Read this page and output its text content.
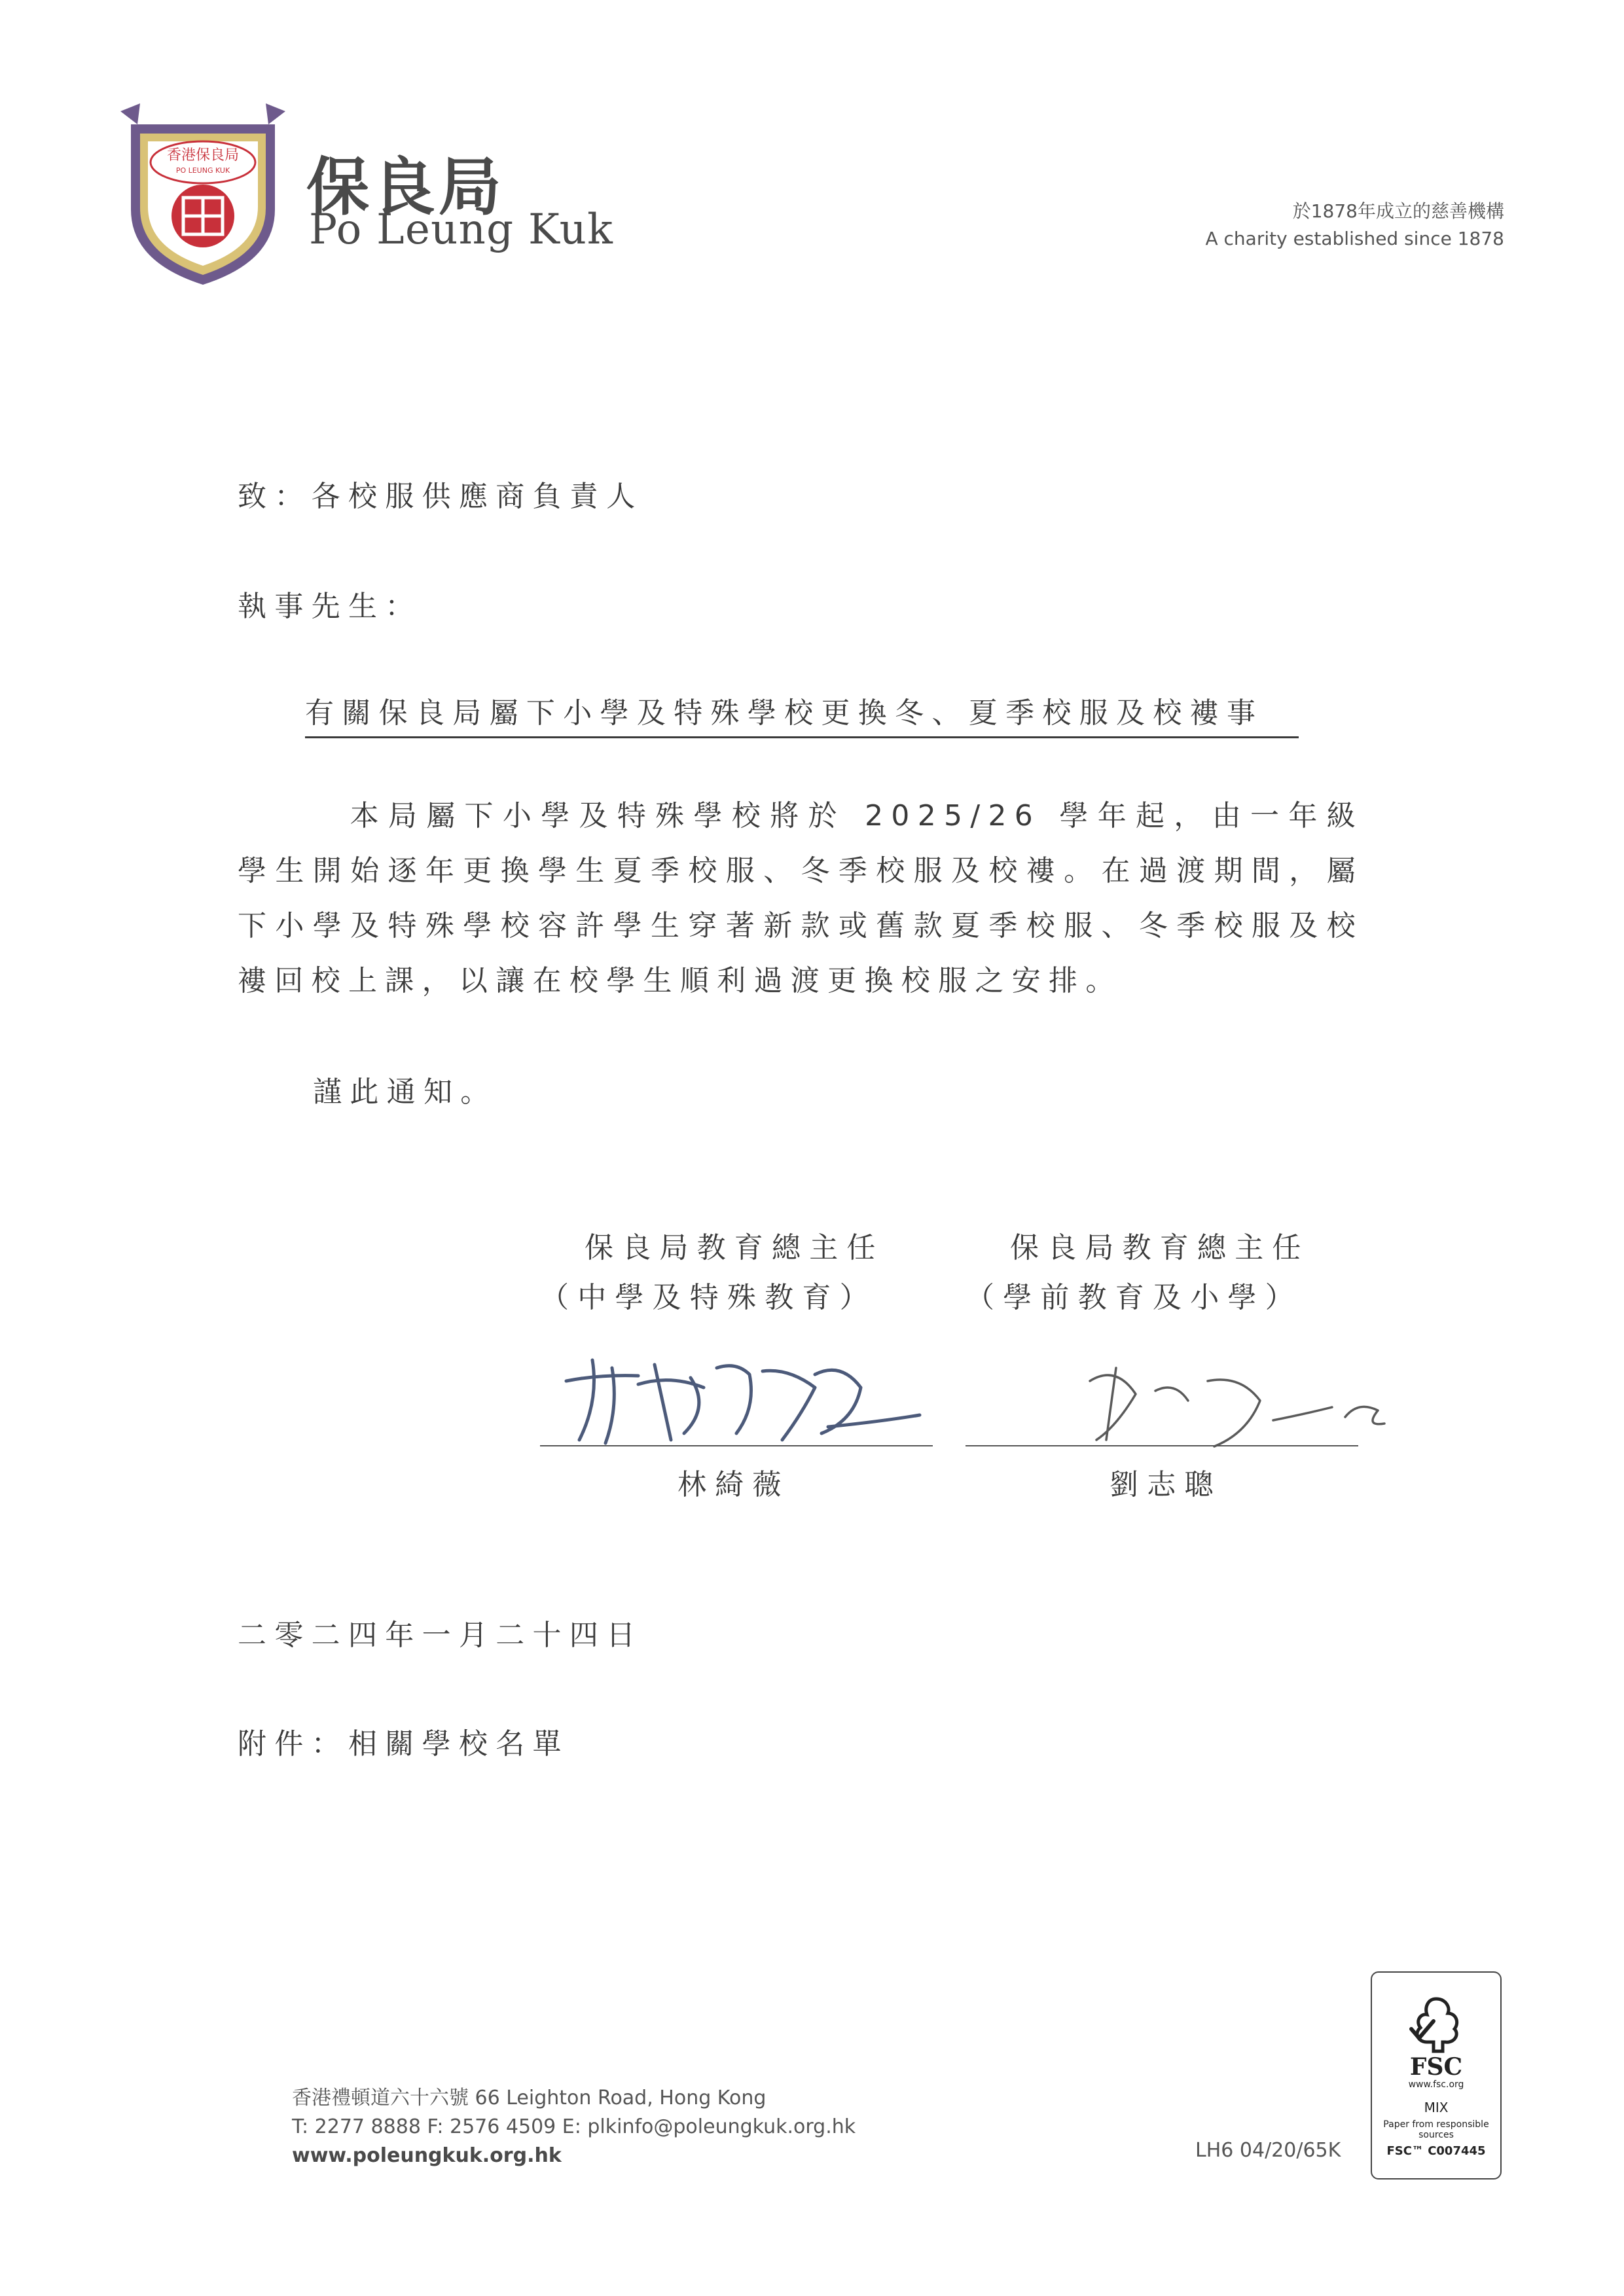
香港保良局
PO LEUNG KUK 保良局
Po Leung Kuk	於1878年成立的慈善機構
A charity established since 1878
致：各校服供應商負責人
執事先生：
有關保良局屬下小學及特殊學校更換冬、夏季校服及校褸事
本局屬下小學及特殊學校將於 2025/26 學年起，由一年級學生開始逐年更換學生夏季校服、冬季校服及校褸。在過渡期間，屬下小學及特殊學校容許學生穿著新款或舊款夏季校服、冬季校服及校褸回校上課，以讓在校學生順利過渡更換校服之安排。
謹此通知。
保良局教育總主任
（中學及特殊教育）
林綺薇
保良局教育總主任
（學前教育及小學）
劉志聰
二零二四年一月二十四日
附件：相關學校名單
香港禮頓道六十六號 66 Leighton Road, Hong Kong
T: 2277 8888 F: 2576 4509 E: plkinfo@poleungkuk.org.hk
www.poleungkuk.org.hk	LH6 04/20/65K
FSC
www.fsc.org
MIX
Paper from responsible sources
FSC™ C007445
